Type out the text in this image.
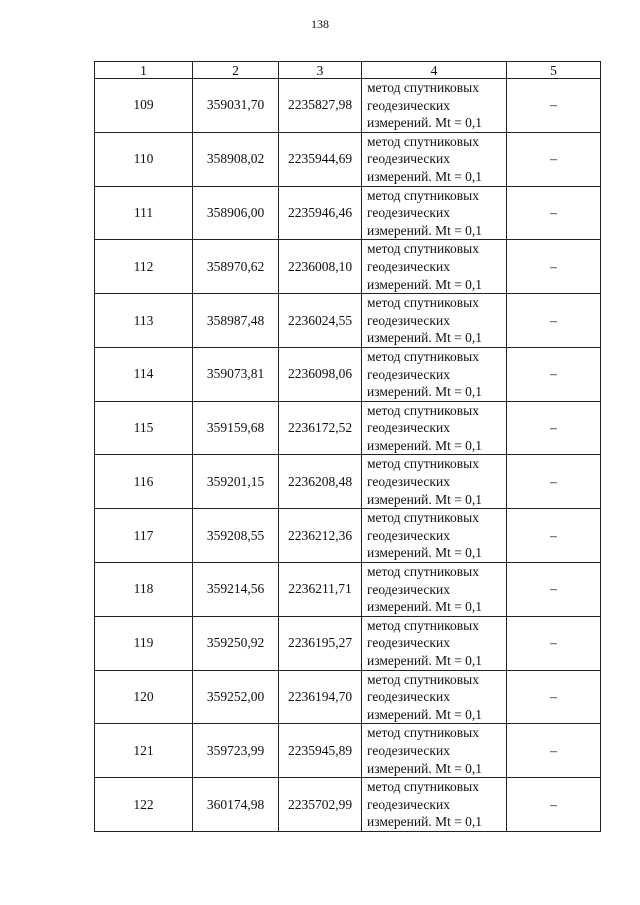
138
1	2	3	4	5
109	359031,70	2235827,98	метод спутниковых
геодезических
измерений. Mt = 0,1	–
110	358908,02	2235944,69	метод спутниковых
геодезических
измерений. Mt = 0,1	–
111	358906,00	2235946,46	метод спутниковых
геодезических
измерений. Mt = 0,1	–
112	358970,62	2236008,10	метод спутниковых
геодезических
измерений. Mt = 0,1	–
113	358987,48	2236024,55	метод спутниковых
геодезических
измерений. Mt = 0,1	–
114	359073,81	2236098,06	метод спутниковых
геодезических
измерений. Mt = 0,1	–
115	359159,68	2236172,52	метод спутниковых
геодезических
измерений. Mt = 0,1	–
116	359201,15	2236208,48	метод спутниковых
геодезических
измерений. Mt = 0,1	–
117	359208,55	2236212,36	метод спутниковых
геодезических
измерений. Mt = 0,1	–
118	359214,56	2236211,71	метод спутниковых
геодезических
измерений. Mt = 0,1	–
119	359250,92	2236195,27	метод спутниковых
геодезических
измерений. Mt = 0,1	–
120	359252,00	2236194,70	метод спутниковых
геодезических
измерений. Mt = 0,1	–
121	359723,99	2235945,89	метод спутниковых
геодезических
измерений. Mt = 0,1	–
122	360174,98	2235702,99	метод спутниковых
геодезических
измерений. Mt = 0,1	–
